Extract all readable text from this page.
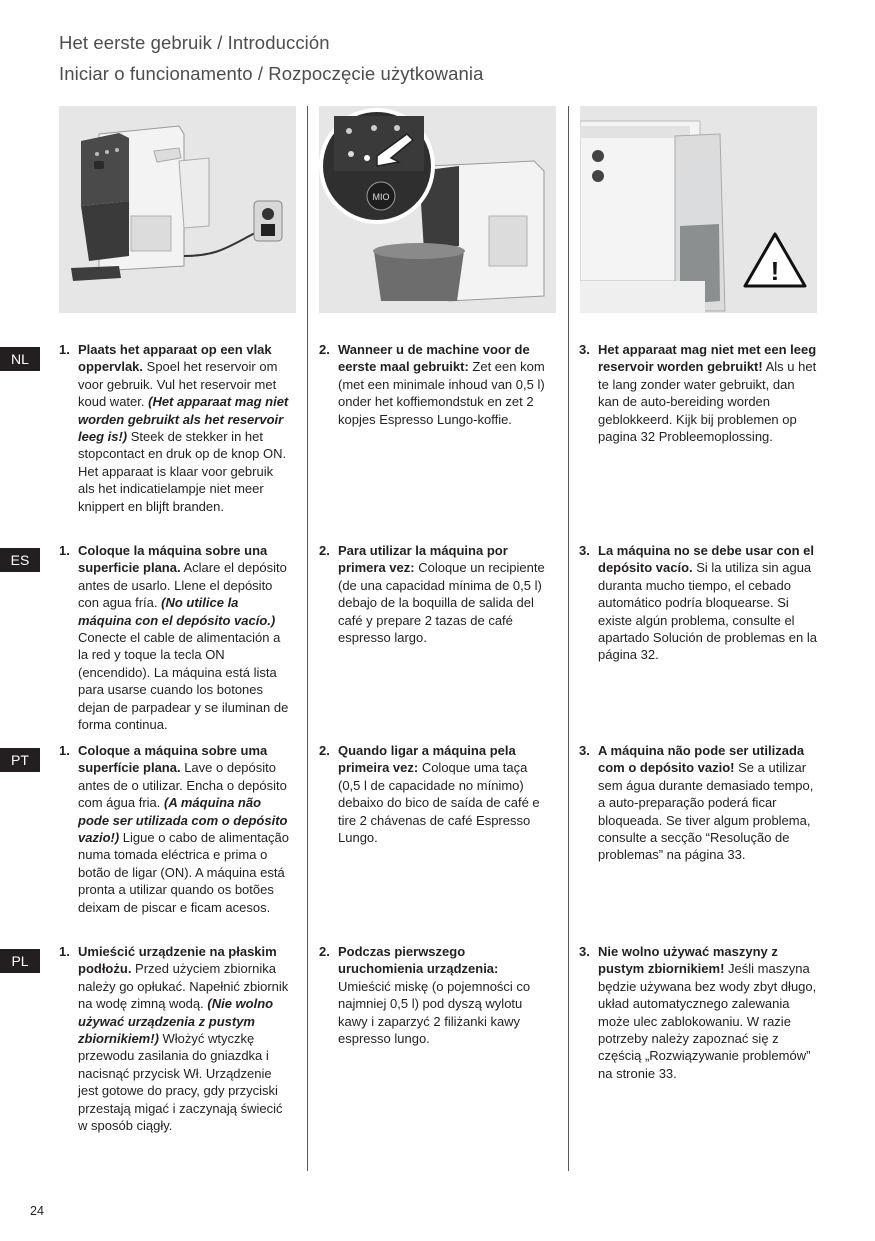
Het eerste gebruik / Introducción
Iniciar o funcionamento / Rozpoczęcie użytkowania
MIO
!
NL
ES
PT
PL
1. Plaats het apparaat op een vlak oppervlak. Spoel het reservoir om voor gebruik. Vul het reservoir met koud water. (Het apparaat mag niet worden gebruikt als het reservoir leeg is!) Steek de stekker in het stopcontact en druk op de knop ON. Het apparaat is klaar voor gebruik als het indicatielampje niet meer knippert en blijft branden.
2. Wanneer u de machine voor de eerste maal gebruikt: Zet een kom (met een minimale inhoud van 0,5 l) onder het koffiemondstuk en zet 2 kopjes Espresso Lungo-koffie.
3. Het apparaat mag niet met een leeg reservoir worden gebruikt! Als u het te lang zonder water gebruikt, dan kan de auto-bereiding worden geblokkeerd. Kijk bij problemen op pagina 32 Probleemoplossing.
1. Coloque la máquina sobre una superficie plana. Aclare el depósito antes de usarlo. Llene el depósito con agua fría. (No utilice la máquina con el depósito vacío.) Conecte el cable de alimentación a la red y toque la tecla ON (encendido). La máquina está lista para usarse cuando los botones dejan de parpadear y se iluminan de forma continua.
2. Para utilizar la máquina por primera vez: Coloque un recipiente (de una capacidad mínima de 0,5 l) debajo de la boquilla de salida del café y prepare 2 tazas de café espresso largo.
3. La máquina no se debe usar con el depósito vacío. Si la utiliza sin agua duranta mucho tiempo, el cebado automático podría bloquearse. Si existe algún problema, consulte el apartado Solución de problemas en la página 32.
1. Coloque a máquina sobre uma superfície plana. Lave o depósito antes de o utilizar. Encha o depósito com água fria. (A máquina não pode ser utilizada com o depósito vazio!) Ligue o cabo de alimentação numa tomada eléctrica e prima o botão de ligar (ON). A máquina está pronta a utilizar quando os botões deixam de piscar e ficam acesos.
2. Quando ligar a máquina pela primeira vez: Coloque uma taça (0,5 l de capacidade no mínimo) debaixo do bico de saída de café e tire 2 chávenas de café Espresso Lungo.
3. A máquina não pode ser utilizada com o depósito vazio! Se a utilizar sem água durante demasiado tempo, a auto-preparação poderá ficar bloqueada. Se tiver algum problema, consulte a secção “Resolução de problemas” na página 33.
1. Umieścić urządzenie na płaskim podłożu. Przed użyciem zbiornika należy go opłukać. Napełnić zbiornik na wodę zimną wodą. (Nie wolno używać urządzenia z pustym zbiornikiem!) Włożyć wtyczkę przewodu zasilania do gniazdka i nacisnąć przycisk Wł. Urządzenie jest gotowe do pracy, gdy przyciski przestają migać i zaczynają świecić w sposób ciągły.
2. Podczas pierwszego uruchomienia urządzenia: Umieścić miskę (o pojemności co najmniej 0,5 l) pod dyszą wylotu kawy i zaparzyć 2 filiżanki kawy espresso lungo.
3. Nie wolno używać maszyny z pustym zbiornikiem! Jeśli maszyna będzie używana bez wody zbyt długo, układ automatycznego zalewania może ulec zablokowaniu. W razie potrzeby należy zapoznać się z częścią „Rozwiązywanie problemów” na stronie 33.
24
